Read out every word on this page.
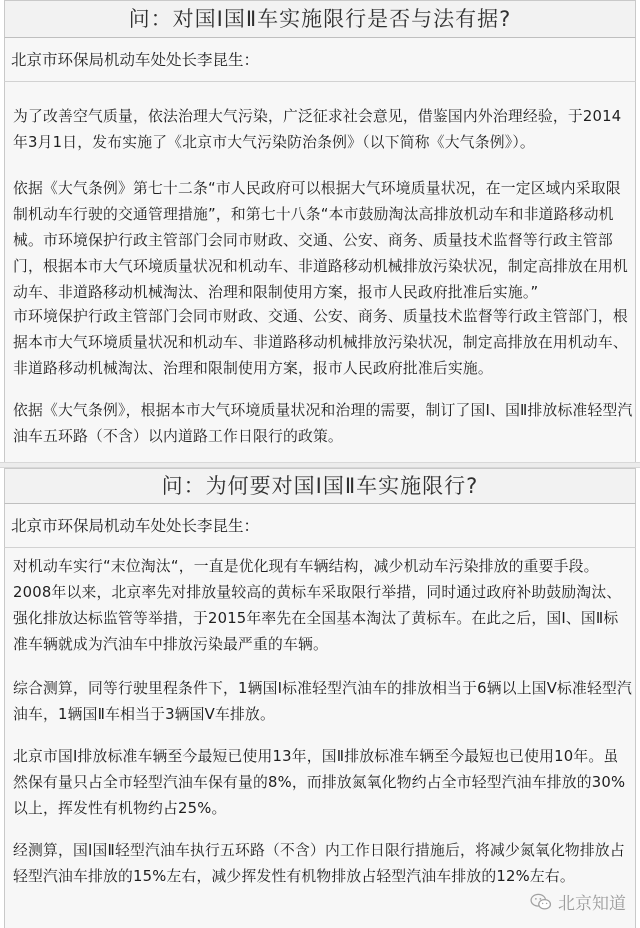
问：对国Ⅰ国Ⅱ车实施限行是否与法有据?
北京市环保局机动车处处长李昆生：

为了改善空气质量，依法治理大气污染，广泛征求社会意见，借鉴国内外治理经验，于2014年3月1日，发布实施了《北京市大气污染防治条例》（以下简称《大气条例》）。

依据《大气条例》第七十二条“市人民政府可以根据大气环境质量状况，在一定区域内采取限制机动车行驶的交通管理措施”，和第七十八条“本市鼓励淘汰高排放机动车和非道路移动机械。市环境保护行政主管部门会同市财政、交通、公安、商务、质量技术监督等行政主管部门，根据本市大气环境质量状况和机动车、非道路移动机械排放污染状况，制定高排放在用机动车、非道路移动机械淘汰、治理和限制使用方案，报市人民政府批准后实施。”

市环境保护行政主管部门会同市财政、交通、公安、商务、质量技术监督等行政主管部门，根据本市大气环境质量状况和机动车、非道路移动机械排放污染状况，制定高排放在用机动车、非道路移动机械淘汰、治理和限制使用方案，报市人民政府批准后实施。

依据《大气条例》，根据本市大气环境质量状况和治理的需要，制订了国Ⅰ、国Ⅱ排放标准轻型汽油车五环路（不含）以内道路工作日限行的政策。

问：为何要对国Ⅰ国Ⅱ车实施限行?
北京市环保局机动车处处长李昆生：

对机动车实行“末位淘汰“，一直是优化现有车辆结构，减少机动车污染排放的重要手段。2008年以来，北京率先对排放量较高的黄标车采取限行举措，同时通过政府补助鼓励淘汰、强化排放达标监管等举措，于2015年率先在全国基本淘汰了黄标车。在此之后，国Ⅰ、国Ⅱ标准车辆就成为汽油车中排放污染最严重的车辆。

综合测算，同等行驶里程条件下，1辆国Ⅰ标准轻型汽油车的排放相当于6辆以上国Ⅴ标准轻型汽油车，1辆国Ⅱ车相当于3辆国Ⅴ车排放。

北京市国Ⅰ排放标准车辆至今最短已使用13年，国Ⅱ排放标准车辆至今最短也已使用10年。虽然保有量只占全市轻型汽油车保有量的8%，而排放氮氧化物约占全市轻型汽油车排放的30%以上，挥发性有机物约占25%。

经测算，国Ⅰ国Ⅱ轻型汽油车执行五环路（不含）内工作日限行措施后，将减少氮氧化物排放占轻型汽油车排放的15%左右，减少挥发性有机物排放占轻型汽油车排放的12%左右。

北京知道
